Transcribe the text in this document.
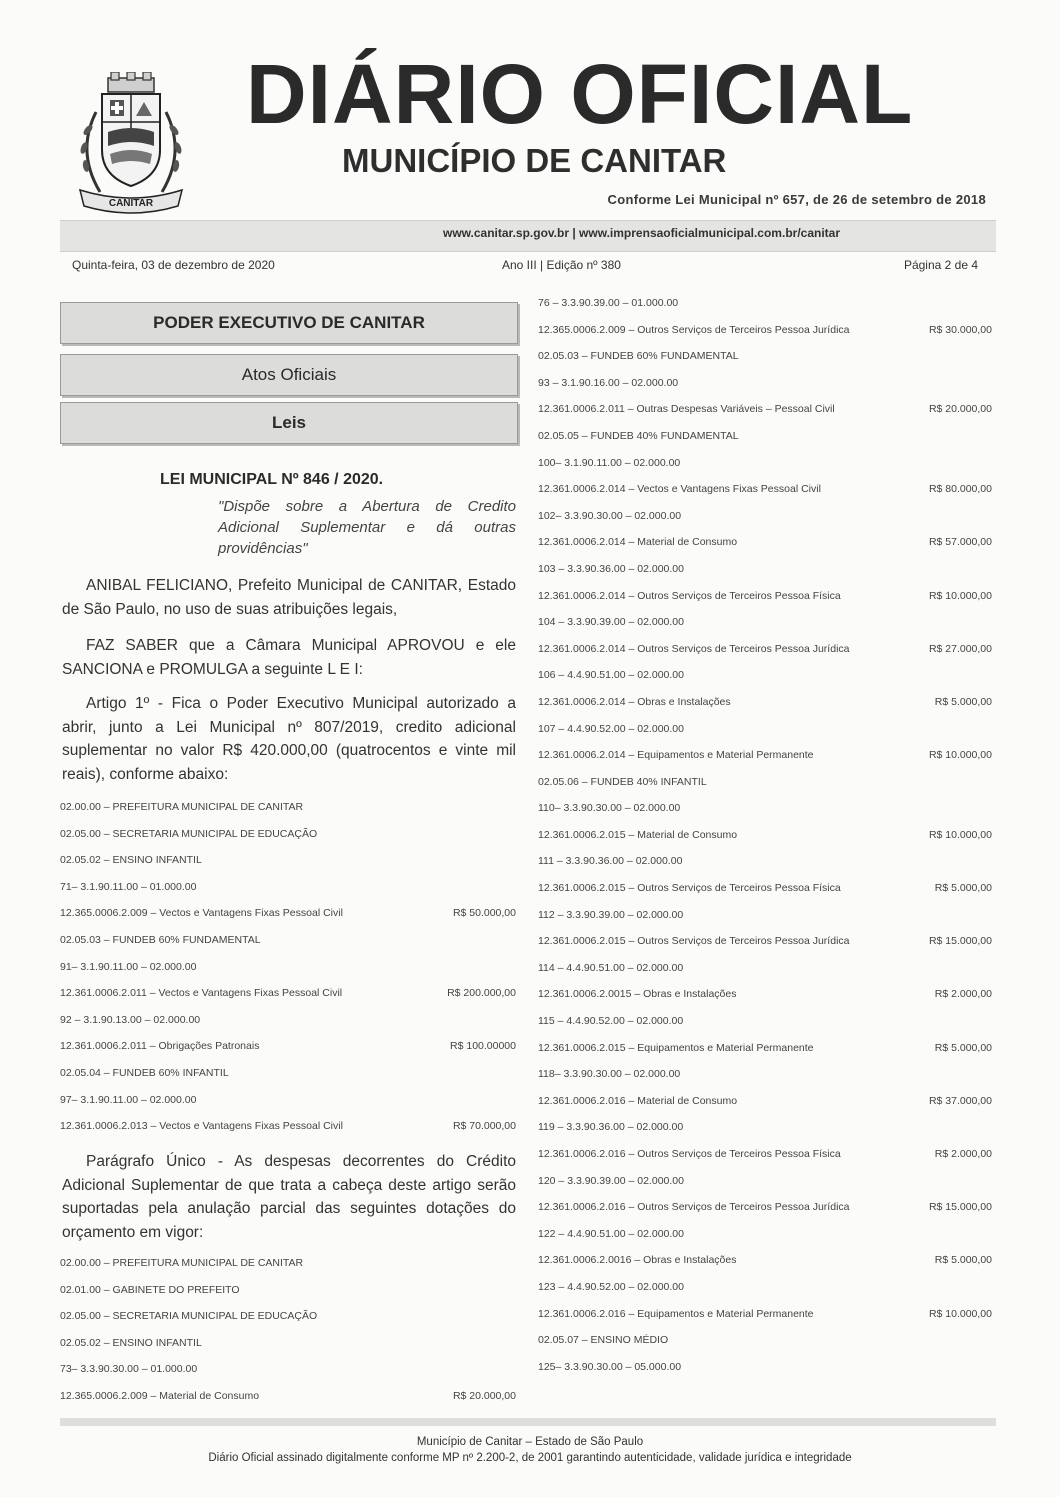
CANITAR
DIÁRIO OFICIAL
MUNICÍPIO DE CANITAR
Conforme Lei Municipal nº 657, de 26 de setembro de 2018
www.canitar.sp.gov.br | www.imprensaoficialmunicipal.com.br/canitar
Quinta-feira, 03 de dezembro de 2020	Ano III | Edição nº 380	Página 2 de 4
PODER EXECUTIVO DE CANITAR
Atos Oficiais
Leis
LEI MUNICIPAL Nº 846 / 2020.
"Dispõe sobre a Abertura de Credito Adicional Suplementar e dá outras providências"
ANIBAL FELICIANO, Prefeito Municipal de CANITAR, Estado de São Paulo, no uso de suas atribuições legais,
FAZ SABER que a Câmara Municipal APROVOU e ele SANCIONA e PROMULGA a seguinte L E I:
Artigo 1º - Fica o Poder Executivo Municipal autorizado a abrir, junto a Lei Municipal nº 807/2019, credito adicional suplementar no valor R$ 420.000,00 (quatrocentos e vinte mil reais), conforme abaixo:
02.00.00 – PREFEITURA MUNICIPAL DE CANITAR
02.05.00 – SECRETARIA MUNICIPAL DE EDUCAÇÃO
02.05.02 – ENSINO INFANTIL
71– 3.1.90.11.00 – 01.000.00
12.365.0006.2.009 – Vectos e Vantagens Fixas Pessoal Civil	R$ 50.000,00
02.05.03 – FUNDEB 60% FUNDAMENTAL
91– 3.1.90.11.00 – 02.000.00
12.361.0006.2.011 – Vectos e Vantagens Fixas Pessoal Civil	R$ 200.000,00
92 – 3.1.90.13.00 – 02.000.00
12.361.0006.2.011 – Obrigações Patronais	R$ 100.00000
02.05.04 – FUNDEB 60% INFANTIL
97– 3.1.90.11.00 – 02.000.00
12.361.0006.2.013 – Vectos e Vantagens Fixas Pessoal Civil	R$ 70.000,00
Parágrafo Único - As despesas decorrentes do Crédito Adicional Suplementar de que trata a cabeça deste artigo serão suportadas pela anulação parcial das seguintes dotações do orçamento em vigor:
02.00.00 – PREFEITURA MUNICIPAL DE CANITAR
02.01.00 – GABINETE DO PREFEITO
02.05.00 – SECRETARIA MUNICIPAL DE EDUCAÇÃO
02.05.02 – ENSINO INFANTIL
73– 3.3.90.30.00 – 01.000.00
12.365.0006.2.009 – Material de Consumo	R$ 20.000,00
76 – 3.3.90.39.00 – 01.000.00
12.365.0006.2.009 – Outros Serviços de Terceiros Pessoa Jurídica	R$ 30.000,00
02.05.03 – FUNDEB 60% FUNDAMENTAL
93 – 3.1.90.16.00 – 02.000.00
12.361.0006.2.011 – Outras Despesas Variáveis – Pessoal Civil	R$ 20.000,00
02.05.05 – FUNDEB 40% FUNDAMENTAL
100– 3.1.90.11.00 – 02.000.00
12.361.0006.2.014 – Vectos e Vantagens Fixas Pessoal Civil	R$ 80.000,00
102– 3.3.90.30.00 – 02.000.00
12.361.0006.2.014 – Material de Consumo	R$ 57.000,00
103 – 3.3.90.36.00 – 02.000.00
12.361.0006.2.014 – Outros Serviços de Terceiros Pessoa Física	R$ 10.000,00
104 – 3.3.90.39.00 – 02.000.00
12.361.0006.2.014 – Outros Serviços de Terceiros Pessoa Jurídica	R$ 27.000,00
106 – 4.4.90.51.00 – 02.000.00
12.361.0006.2.014 – Obras e Instalações	R$ 5.000,00
107 – 4.4.90.52.00 – 02.000.00
12.361.0006.2.014 – Equipamentos e Material Permanente	R$ 10.000,00
02.05.06 – FUNDEB 40% INFANTIL
110– 3.3.90.30.00 – 02.000.00
12.361.0006.2.015 – Material de Consumo	R$ 10.000,00
111 – 3.3.90.36.00 – 02.000.00
12.361.0006.2.015 – Outros Serviços de Terceiros Pessoa Física	R$ 5.000,00
112 – 3.3.90.39.00 – 02.000.00
12.361.0006.2.015 – Outros Serviços de Terceiros Pessoa Jurídica	R$ 15.000,00
114 – 4.4.90.51.00 – 02.000.00
12.361.0006.2.0015 – Obras e Instalações	R$ 2.000,00
115 – 4.4.90.52.00 – 02.000.00
12.361.0006.2.015 – Equipamentos e Material Permanente	R$ 5.000,00
118– 3.3.90.30.00 – 02.000.00
12.361.0006.2.016 – Material de Consumo	R$ 37.000,00
119 – 3.3.90.36.00 – 02.000.00
12.361.0006.2.016 – Outros Serviços de Terceiros Pessoa Física	R$ 2.000,00
120 – 3.3.90.39.00 – 02.000.00
12.361.0006.2.016 – Outros Serviços de Terceiros Pessoa Jurídica	R$ 15.000,00
122 – 4.4.90.51.00 – 02.000.00
12.361.0006.2.0016 – Obras e Instalações	R$ 5.000,00
123 – 4.4.90.52.00 – 02.000.00
12.361.0006.2.016 – Equipamentos e Material Permanente	R$ 10.000,00
02.05.07 – ENSINO MÉDIO
125– 3.3.90.30.00 – 05.000.00
Município de Canitar – Estado de São Paulo
Diário Oficial assinado digitalmente conforme MP nº 2.200-2, de 2001 garantindo autenticidade, validade jurídica e integridade
